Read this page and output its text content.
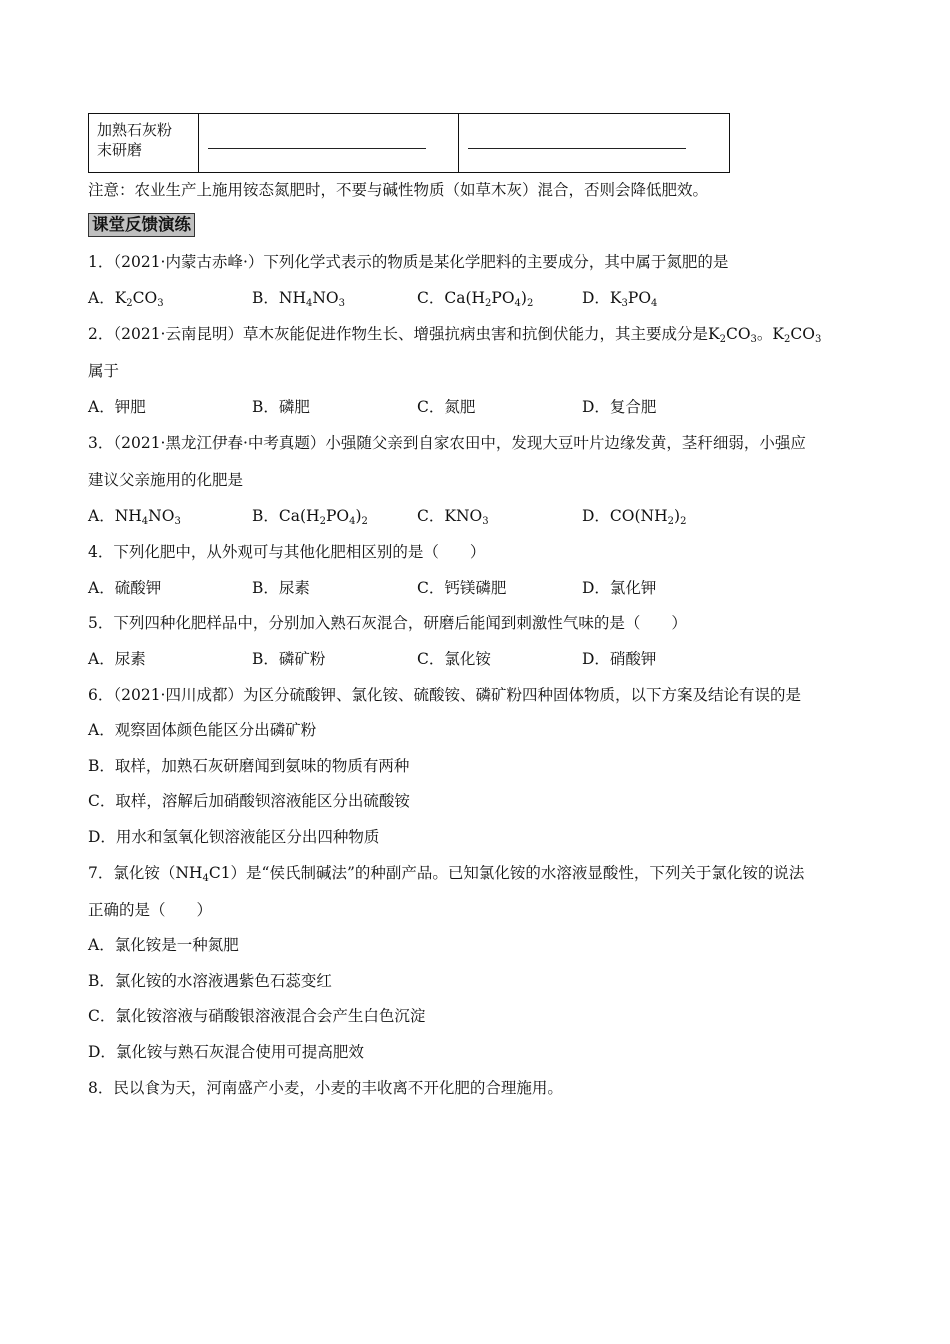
加熟石灰粉
末研磨
注意：农业生产上施用铵态氮肥时，不要与碱性物质（如草木灰）混合，否则会降低肥效。
课堂反馈演练
1．（2021·内蒙古赤峰·）下列化学式表示的物质是某化学肥料的主要成分，其中属于氮肥的是
A．$K_2CO_3$	B．$NH_4NO_3$	C．$Ca(H_2PO_4)_2$	D．$K_3PO_4$
2．（2021·云南昆明）草木灰能促进作物生长、增强抗病虫害和抗倒伏能力，其主要成分是$K_2CO_3$。$K_2CO_3$
属于
A．钾肥	B．磷肥	C．氮肥	D．复合肥
3．（2021·黑龙江伊春·中考真题）小强随父亲到自家农田中，发现大豆叶片边缘发黄，茎秆细弱，小强应
建议父亲施用的化肥是
A．$NH_4NO_3$	B．$Ca(H_2PO_4)_2$	C．$KNO_3$	D．$CO(NH_2)_2$
4．下列化肥中，从外观可与其他化肥相区别的是（　　）
A．硫酸钾	B．尿素	C．钙镁磷肥	D．氯化钾
5．下列四种化肥样品中，分别加入熟石灰混合，研磨后能闻到刺激性气味的是（　　）
A．尿素	B．磷矿粉	C．氯化铵	D．硝酸钾
6．（2021·四川成都）为区分硫酸钾、氯化铵、硫酸铵、磷矿粉四种固体物质，以下方案及结论有误的是
A．观察固体颜色能区分出磷矿粉
B．取样，加熟石灰研磨闻到氨味的物质有两种
C．取样，溶解后加硝酸钡溶液能区分出硫酸铵
D．用水和氢氧化钡溶液能区分出四种物质
7．氯化铵$(NH_4C1)$是“侯氏制碱法”的种副产品。已知氯化铵的水溶液显酸性，下列关于氯化铵的说法
正确的是（　　）
A．氯化铵是一种氮肥
B．氯化铵的水溶液遇紫色石蕊变红
C．氯化铵溶液与硝酸银溶液混合会产生白色沉淀
D．氯化铵与熟石灰混合使用可提高肥效
8．民以食为天，河南盛产小麦，小麦的丰收离不开化肥的合理施用。
